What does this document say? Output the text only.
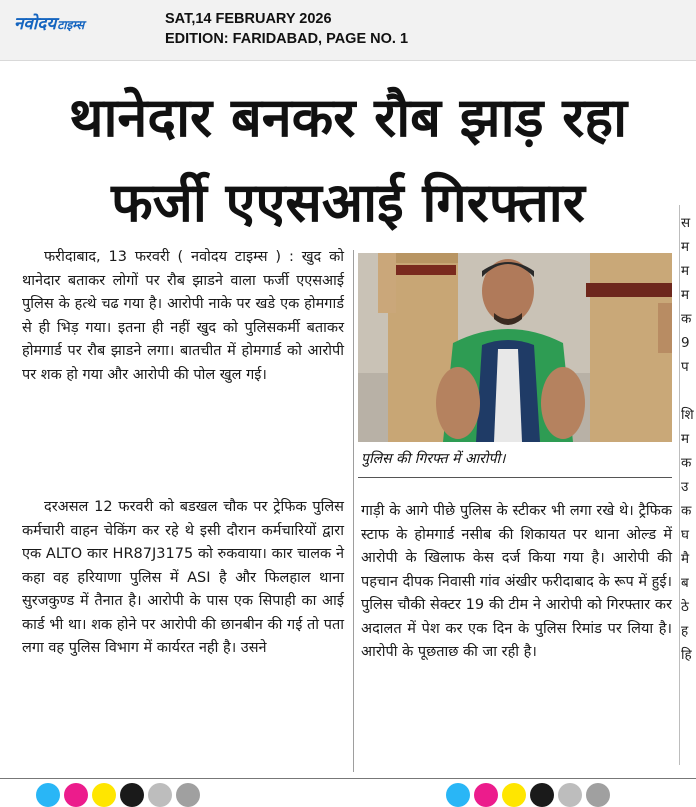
नवोदयटाइम्स	SAT,14 FEBRUARY 2026
EDITION: FARIDABAD, PAGE NO. 1
थानेदार बनकर रौब झाड़ रहा
फर्जी एएसआई गिरफ्तार

फरीदाबाद, 13 फरवरी ( नवोदय टाइम्स ) : खुद को थानेदार बताकर लोगों पर रौब झाडने वाला फर्जी एएसआई पुलिस के हत्थे चढ गया है। आरोपी नाके पर खडे एक होमगार्ड से ही भिड़ गया। इतना ही नहीं खुद को पुलिसकर्मी बताकर होमगार्ड पर रौब झाडने लगा। बातचीत में होमगार्ड को आरोपी पर शक हो गया और आरोपी की पोल खुल गई।

दरअसल 12 फरवरी को बडखल चौक पर ट्रेफिक पुलिस कर्मचारी वाहन चेकिंग कर रहे थे इसी दौरान कर्मचारियों द्वारा एक ALTO कार HR87J3175 को रुकवाया। कार चालक ने कहा वह हरियाणा पुलिस में ASI है और फिलहाल थाना सुरजकुण्ड में तैनात है। आरोपी के पास एक सिपाही का आई कार्ड भी था। शक होने पर आरोपी की छानबीन की गई तो पता लगा वह पुलिस विभाग में कार्यरत नही है। उसने

पुलिस की गिरफ्त में आरोपी।

गाड़ी के आगे पीछे पुलिस के स्टीकर भी लगा रखे थे। ट्रैफिक स्टाफ के होमगार्ड नसीब की शिकायत पर थाना ओल्ड में आरोपी के खिलाफ केस दर्ज किया गया है। आरोपी की पहचान दीपक निवासी गांव अंखीर फरीदाबाद के रूप में हुई। पुलिस चौकी सेक्टर 19 की टीम ने आरोपी को गिरफ्तार कर अदालत में पेश कर एक दिन के पुलिस रिमांड पर लिया है। आरोपी के पूछताछ की जा रही है।

स
म
म
म
क
9
प

शि
म
क
उ
क
घ
मै
ब
ठे
ह
हि
